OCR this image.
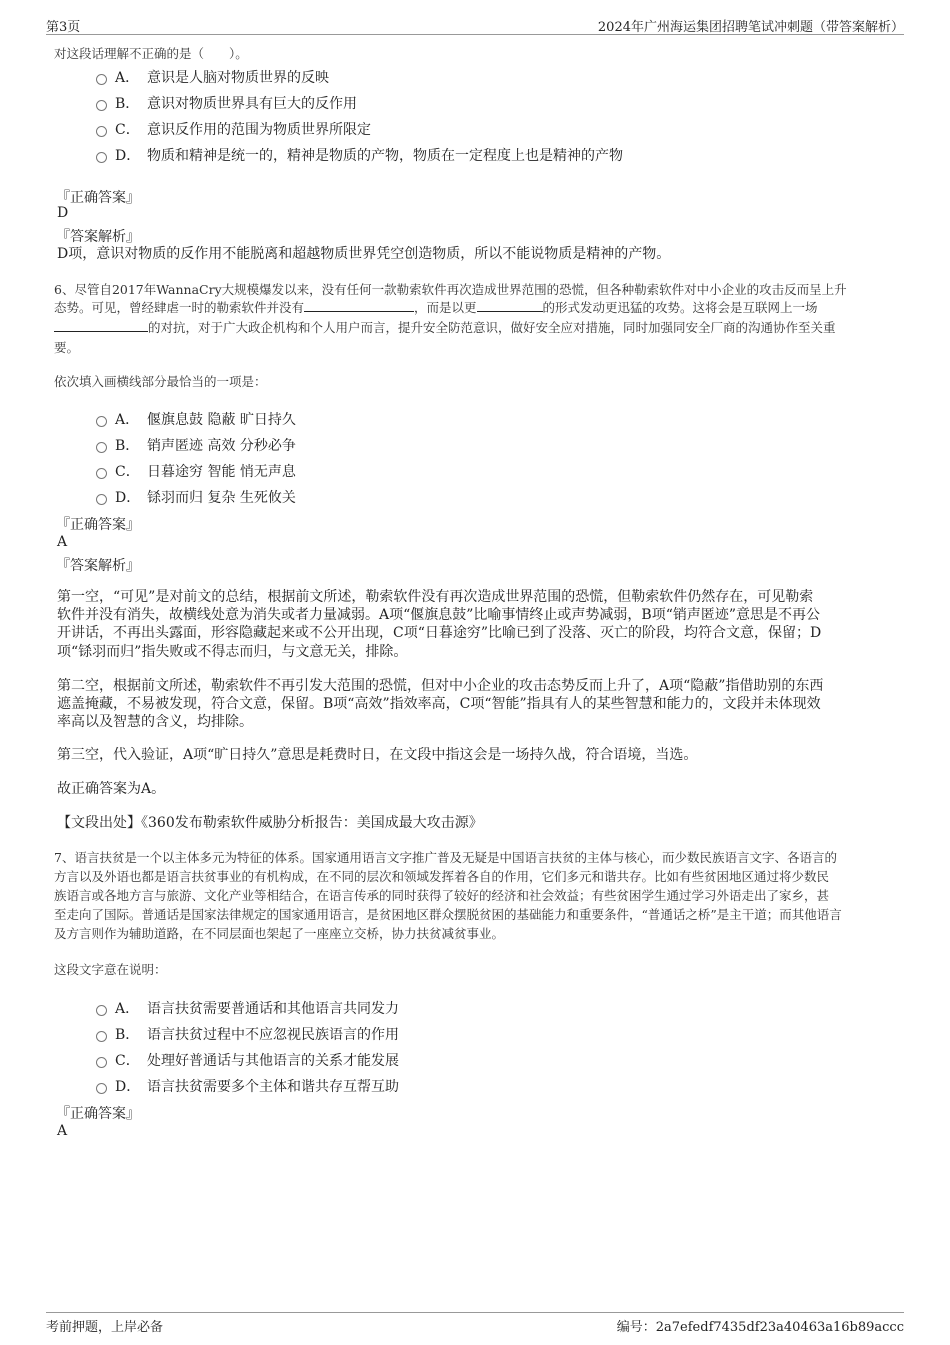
第3页	2024年广州海运集团招聘笔试冲刺题（带答案解析）
对这段话理解不正确的是（　　）。
A． 意识是人脑对物质世界的反映
B． 意识对物质世界具有巨大的反作用
C． 意识反作用的范围为物质世界所限定
D． 物质和精神是统一的，精神是物质的产物，物质在一定程度上也是精神的产物
『正确答案』
D
『答案解析』
D项，意识对物质的反作用不能脱离和超越物质世界凭空创造物质，所以不能说物质是精神的产物。
6、尽管自2017年WannaCry大规模爆发以来，没有任何一款勒索软件再次造成世界范围的恐慌，但各种勒索软件对中小企业的攻击反而呈上升
态势。可见，曾经肆虐一时的勒索软件并没有	，而是以更	的形式发动更迅猛的攻势。这将会是互联网上一场
的对抗，对于广大政企机构和个人用户而言，提升安全防范意识，做好安全应对措施，同时加强同安全厂商的沟通协作至关重
要。
依次填入画横线部分最恰当的一项是：
A． 偃旗息鼓 隐蔽 旷日持久
B． 销声匿迹 高效 分秒必争
C． 日暮途穷 智能 悄无声息
D． 铩羽而归 复杂 生死攸关
『正确答案』
A
『答案解析』
第一空，“可见”是对前文的总结，根据前文所述，勒索软件没有再次造成世界范围的恐慌，但勒索软件仍然存在，可见勒索
软件并没有消失，故横线处意为消失或者力量减弱。A项“偃旗息鼓”比喻事情终止或声势减弱，B项“销声匿迹”意思是不再公
开讲话，不再出头露面，形容隐藏起来或不公开出现，C项“日暮途穷”比喻已到了没落、灭亡的阶段，均符合文意，保留；D
项“铩羽而归”指失败或不得志而归，与文意无关，排除。
第二空，根据前文所述，勒索软件不再引发大范围的恐慌，但对中小企业的攻击态势反而上升了，A项“隐蔽”指借助别的东西
遮盖掩藏，不易被发现，符合文意，保留。B项“高效”指效率高，C项“智能”指具有人的某些智慧和能力的，文段并未体现效
率高以及智慧的含义，均排除。
第三空，代入验证，A项“旷日持久”意思是耗费时日，在文段中指这会是一场持久战，符合语境，当选。
故正确答案为A。
【文段出处】《360发布勒索软件威胁分析报告：美国成最大攻击源》
7、语言扶贫是一个以主体多元为特征的体系。国家通用语言文字推广普及无疑是中国语言扶贫的主体与核心，而少数民族语言文字、各语言的
方言以及外语也都是语言扶贫事业的有机构成，在不同的层次和领域发挥着各自的作用，它们多元和谐共存。比如有些贫困地区通过将少数民
族语言或各地方言与旅游、文化产业等相结合，在语言传承的同时获得了较好的经济和社会效益；有些贫困学生通过学习外语走出了家乡，甚
至走向了国际。普通话是国家法律规定的国家通用语言，是贫困地区群众摆脱贫困的基础能力和重要条件，“普通话之桥”是主干道；而其他语言
及方言则作为辅助道路，在不同层面也架起了一座座立交桥，协力扶贫减贫事业。
这段文字意在说明：
A． 语言扶贫需要普通话和其他语言共同发力
B． 语言扶贫过程中不应忽视民族语言的作用
C． 处理好普通话与其他语言的关系才能发展
D． 语言扶贫需要多个主体和谐共存互帮互助
『正确答案』
A
考前押题，上岸必备	编号：2a7efedf7435df23a40463a16b89accc
